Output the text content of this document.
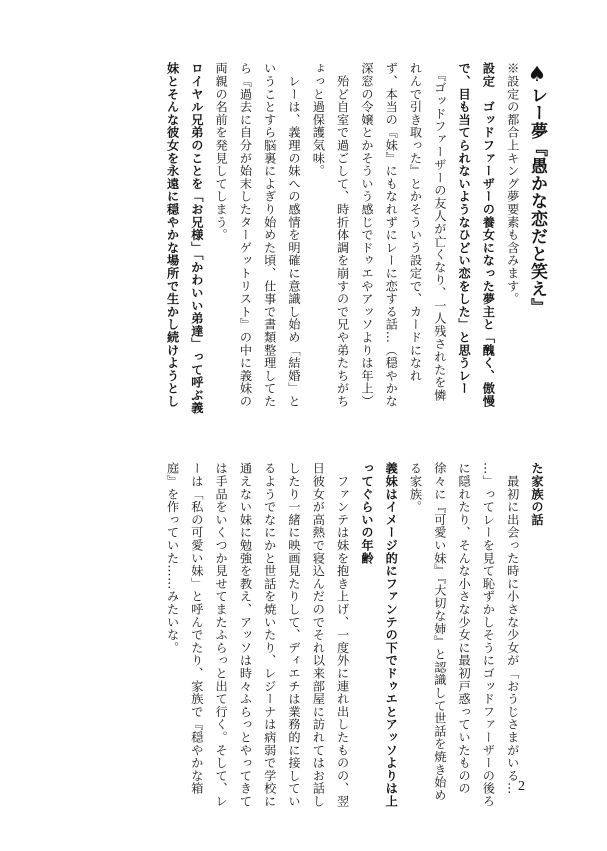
♠レー夢『愚かな恋だと笑え』
※設定の都合上キング夢要素も含みます。
設定　ゴッドファーザーの養女になった夢主と「醜く、傲慢
で、目も当てられないようなひどい恋をした」と思うレー
　『ゴッドファーザーの友人が亡くなり、一人残されたを憐
れんで引き取った』とかそういう設定で、カードになれ
ず、本当の『妹』にもなれずにレーに恋する話…（穏やかな
深窓の令嬢とかそういう感じでドゥエやアッソよりは年上）
　殆ど自室で過ごして、時折体調を崩すので兄や弟たちがち
ょっと過保護気味。
　レーは、義理の妹への感情を明確に意識し始め「結婚」と
いうことすら脳裏によぎり始めた頃、仕事で書類整理してた
ら『過去に自分が始末したターゲットリスト』の中に義妹の
両親の名前を発見してしまう。
ロイヤル兄弟のことを「お兄様」「かわいい弟達」って呼ぶ義
妹とそんな彼女を永遠に穏やかな場所で生かし続けようとし
た家族の話
　最初に出会った時に小さな少女が「おうじさまがいる…
…」ってレーを見て恥ずかしそうにゴッドファーザーの後ろ
に隠れたり、そんな小さな少女に最初戸惑っていたものの
徐々に『可愛い妹』『大切な姉』と認識して世話を焼き始め
る家族。
義妹はイメージ的にファンテの下でドゥエとアッソよりは上
ってぐらいの年齢
　ファンテは妹を抱き上げ、一度外に連れ出したものの、翌
日彼女が高熱で寝込んだのでそれ以来部屋に訪れてはお話し
したり一緒に映画見たりして、ディエチは業務的に接してい
るようでなにかと世話を焼いたり、レジーナは病弱で学校に
通えない妹に勉強を教え、アッソは時々ふらっとやってきて
は手品をいくつか見せてまたふらっと出て行く。そして、レ
ーは「私の可愛い妹」と呼んでたり、家族で『穏やかな箱
庭』を作っていた……みたいな。
2
